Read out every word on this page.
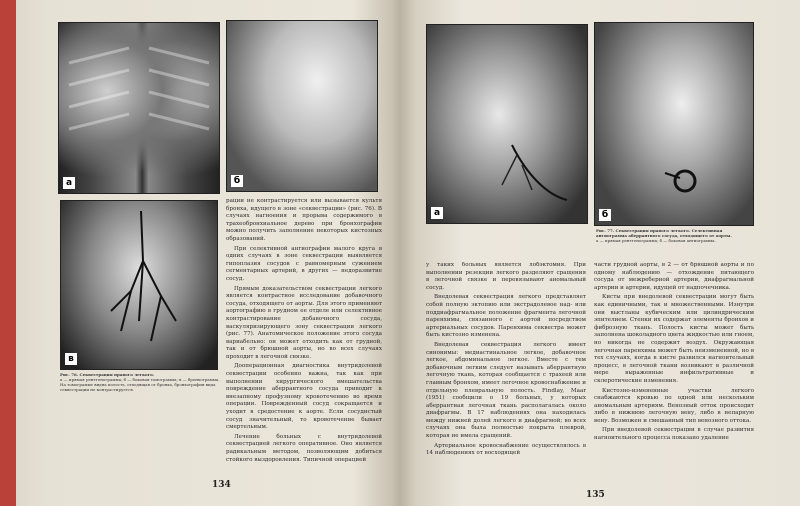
а	б
в
Рис. 76. Секвестрация правого легкого.
а — прямая рентгенограмма; б — боковая томограмма; в — бронхограмма. На томограмме видна полость, отходящая от бронха, бронхография вида секвестрации не контрастируется.

рации не контрастируется или вызывается культя бронха, идущего в зоне «секвестрации» (рис. 76). В случаях нагноения и прорыва содержимого в трахеобронхиальное дерево при бронхографии можно получить заполнение некоторых кистозных образований.

При селективной ангиографии малого круга в одних случаях в зоне секвестрации выявляется гипоплазия сосудов с равномерным сужением сегментарных артерий, в других — недоразвитие сосуд.

Прямым доказательством секвестрации легкого является контрастное исследование добавочного сосуда, отходящего от аорты. Для этого применяют аортографию в грудном ее отделе или селективное контрастирование добавочного сосуда, васкуляризирующего зону секвестрации легкого (рис. 77). Анатомическое положение этого сосуда вариабельно: он может отходить как от грудной, так и от брюшной аорты, но во всех случаях проходит в легочной связке.

Дооперационная диагностика внутридолевой секвестрации особенно важна, так как при выполнении хирургического вмешательства повреждение аберрантного сосуда приводит к внезапному профузному кровотечению во время операции. Поврежденный сосуд сокращается и уходит в средостение к аорте. Если сосудистый сосуд значительный, то кровотечение бывает смертельным.

Лечение больных с внутридолевой секвестрацией легкого оперативное. Оно является радикальным методом, позволяющим добиться стойкого выздоровления. Типичной операцией

134
а	б
Рис. 77. Секвестрация правого легкого. Селективная ангиограмма аберрантного сосуда, отходящего от аорты.
а — прямая рентгенограмма; б — боковая ангиограмма.

у таких больных является лобэктомия. При выполнении резекции легкого разделяют сращения в легочной связке и перевязывают аномальный сосуд.

Внедолевая секвестрация легкого представляет собой полную эктопию или экстрадолевое над- или поддиафрагмальное положение фрагмента легочной паренхимы, связанного с аортой посредством артериальных сосудов. Паренхима секвестра может быть кистозно изменена.

Внедолевая секвестрация легкого имеет синонимы: медиастинальное легкое, добавочное легкое, абдоминальное легкое. Вместе с тем добавочным легким следует называть аберрантную легочную ткань, которая сообщается с трахеей или главным бронхом, имеет легочное кровоснабжение и отдельную плевральную полость. Findlay, Maar (1951) сообщили о 19 больных, у которых аберрантная легочная ткань располагалась около диафрагмы. В 17 наблюдениях она находилась между нижней долей легкого и диафрагмой; во всех случаях она была полностью покрыта плеврой, которая не имела сращений.

Артериальное кровоснабжение осуществлялось в 14 наблюдениях от восходящей

части грудной аорты, в 2 — от брюшной аорты и по одному наблюдению — отхождение питающего сосуда от межреберной артерии, диафрагмальной артерии и артерии, идущей от надпочечника.

Кисты при внедолевой секвестрации могут быть как единичными, так и множественными. Изнутри они выстланы кубическим или цилиндрическим эпителием. Стенки их содержат элементы бронхов и фиброзную ткань. Полость кисты может быть заполнена шоколадного цвета жидкостью или гноем, но никогда не содержит воздух. Окружающая легочная паренхима может быть неизмененной, но в тех случаях, когда в кисте развился нагноительный процесс, в легочной ткани возникают в различной мере выраженные инфильтративные и склеротические изменения.

Кистозно-измененные участки легкого снабжаются кровью по одной или нескольким аномальным артериям. Венозный отток происходит либо в нижнюю легочную вену, либо в непарную вену. Возможен и смешанный тип венозного оттока.

При внедолевой секвестрации в случае развития нагноительного процесса показано удаление

135
